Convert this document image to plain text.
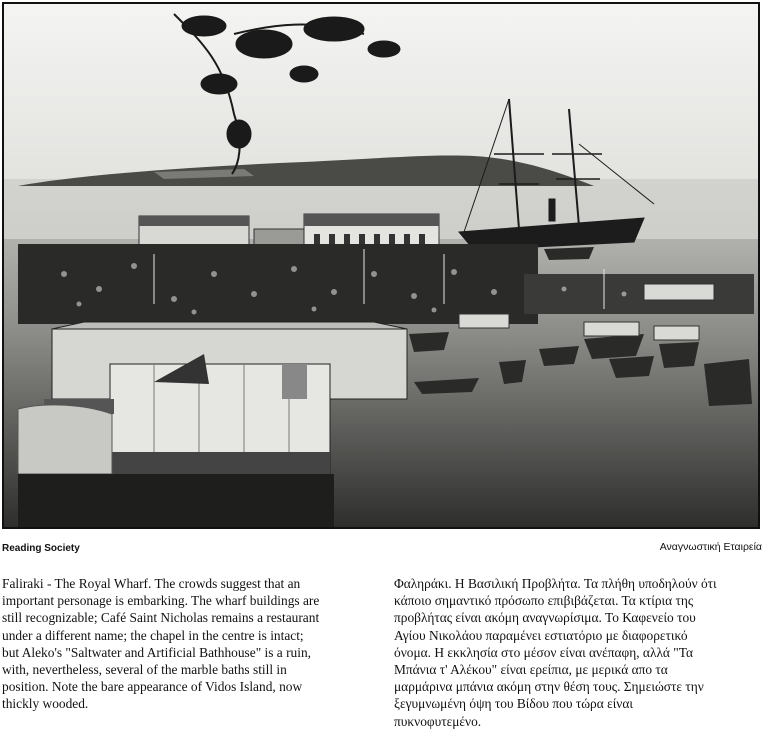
Reading Society	Αναγνωστική Εταιρεία
Faliraki - The Royal Wharf. The crowds suggest that an
important personage is embarking. The wharf buildings are
still recognizable; Café Saint Nicholas remains a restaurant
under a different name; the chapel in the centre is intact;
but Aleko's "Saltwater and Artificial Bathhouse" is a ruin,
with, nevertheless, several of the marble baths still in
position. Note the bare appearance of Vidos Island, now
thickly wooded.
Φαληράκι. Η Βασιλική Προβλήτα. Τα πλήθη υποδηλούν ότι
κάποιο σημαντικό πρόσωπο επιβιβάζεται. Τα κτίρια της
προβλήτας είναι ακόμη αναγνωρίσιμα. Το Καφενείο του
Αγίου Νικολάου παραμένει εστιατόριο με διαφορετικό
όνομα. Η εκκλησία στο μέσον είναι ανέπαφη, αλλά "Τα
Μπάνια τ' Αλέκου" είναι ερείπια, με μερικά απο τα
μαρμάρινα μπάνια ακόμη στην θέση τους. Σημειώστε την
ξεγυμνωμένη όψη του Βίδου που τώρα είναι
πυκνοφυτεμένο.
